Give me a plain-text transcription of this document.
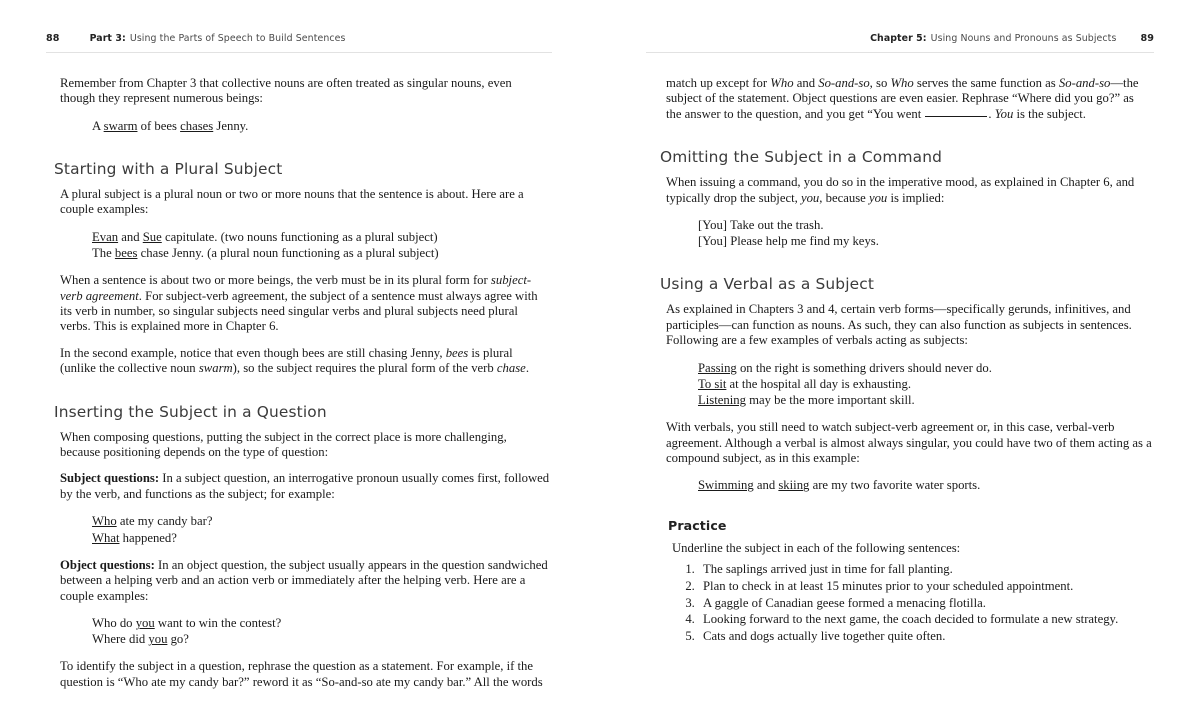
88	Part 3: Using the Parts of Speech to Build Sentences

Remember from Chapter 3 that collective nouns are often treated as singular nouns, even though they represent numerous beings:

A swarm of bees chases Jenny.
Starting with a Plural Subject

A plural subject is a plural noun or two or more nouns that the sentence is about. Here are a couple examples:

Evan and Sue capitulate. (two nouns functioning as a plural subject)
The bees chase Jenny. (a plural noun functioning as a plural subject)

When a sentence is about two or more beings, the verb must be in its plural form for subject-verb agreement. For subject-verb agreement, the subject of a sentence must always agree with its verb in number, so singular subjects need singular verbs and plural subjects need plural verbs. This is explained more in Chapter 6.

In the second example, notice that even though bees are still chasing Jenny, bees is plural (unlike the collective noun swarm), so the subject requires the plural form of the verb chase.

Inserting the Subject in a Question

When composing questions, putting the subject in the correct place is more challenging, because positioning depends on the type of question:

Subject questions: In a subject question, an interrogative pronoun usually comes first, followed by the verb, and functions as the subject; for example:

Who ate my candy bar?
What happened?

Object questions: In an object question, the subject usually appears in the question sandwiched between a helping verb and an action verb or immediately after the helping verb. Here are a couple examples:

Who do you want to win the contest?
Where did you go?

To identify the subject in a question, rephrase the question as a statement. For example, if the question is “Who ate my candy bar?” reword it as “So-and-so ate my candy bar.” All the words

Chapter 5: Using Nouns and Pronouns as Subjects	89

match up except for Who and So-and-so, so Who serves the same function as So-and-so—the subject of the statement. Object questions are even easier. Rephrase “Where did you go?” as the answer to the question, and you get “You went	. You is the subject.

Omitting the Subject in a Command

When issuing a command, you do so in the imperative mood, as explained in Chapter 6, and typically drop the subject, you, because you is implied:

[You] Take out the trash.
[You] Please help me find my keys.
Using a Verbal as a Subject

As explained in Chapters 3 and 4, certain verb forms—specifically gerunds, infinitives, and participles—can function as nouns. As such, they can also function as subjects in sentences. Following are a few examples of verbals acting as subjects:

Passing on the right is something drivers should never do.
To sit at the hospital all day is exhausting.
Listening may be the more important skill.

With verbals, you still need to watch subject-verb agreement or, in this case, verbal-verb agreement. Although a verbal is almost always singular, you could have two of them acting as a compound subject, as in this example:

Swimming and skiing are my two favorite water sports.
Practice

Underline the subject in each of the following sentences:

1. The saplings arrived just in time for fall planting.
2. Plan to check in at least 15 minutes prior to your scheduled appointment.
3. A gaggle of Canadian geese formed a menacing flotilla.
4. Looking forward to the next game, the coach decided to formulate a new strategy.
5. Cats and dogs actually live together quite often.
